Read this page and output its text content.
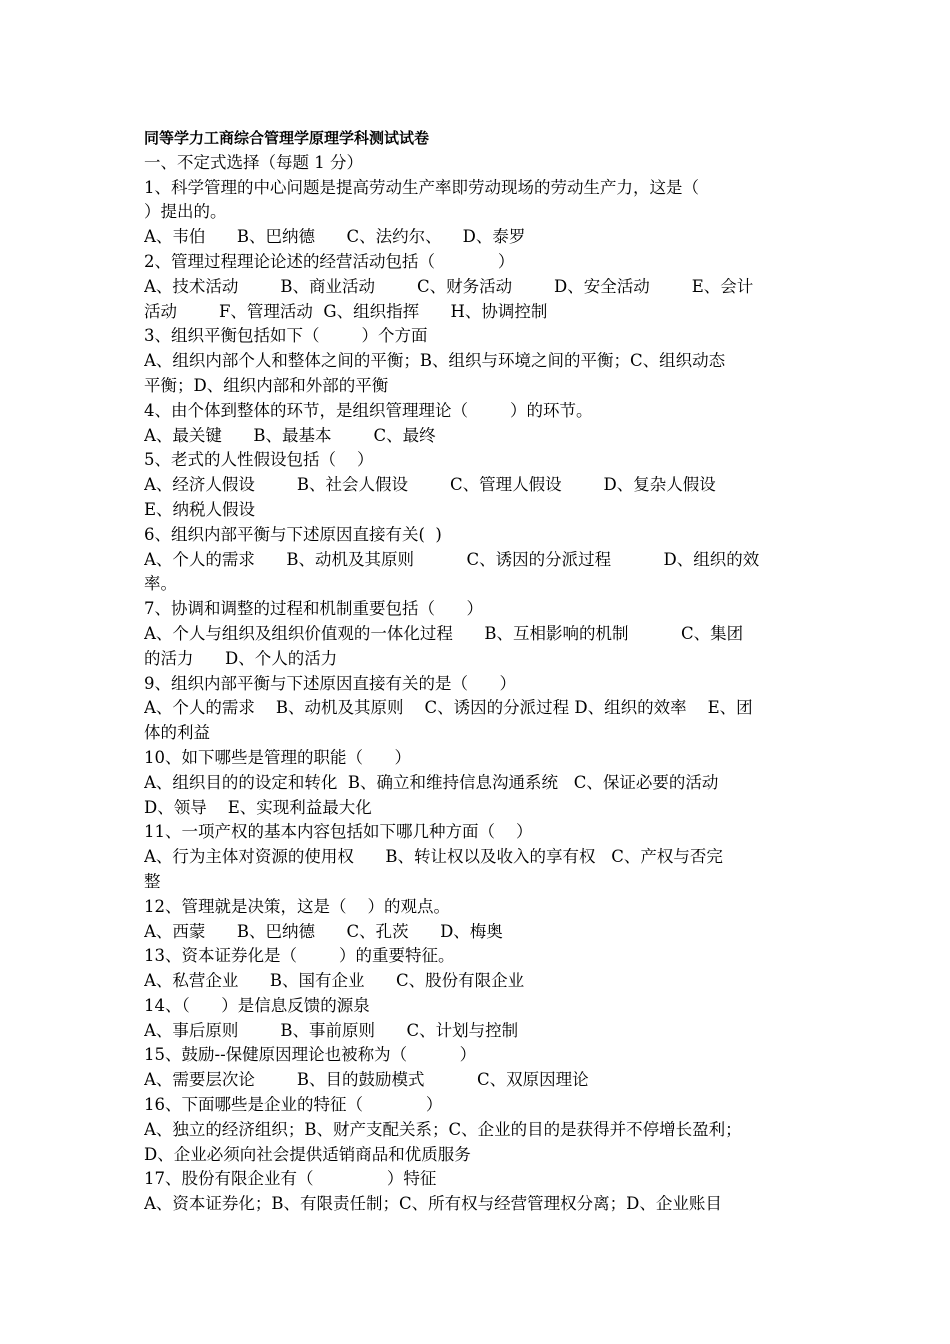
同等学力工商综合管理学原理学科测试试卷
一、不定式选择（每题 1 分）
1、科学管理的中心问题是提高劳动生产率即劳动现场的劳动生产力，这是（
）提出的。
A、韦伯      B、巴纳德      C、法约尔、    D、泰罗
2、管理过程理论论述的经营活动包括（            ）
A、技术活动        B、商业活动        C、财务活动        D、安全活动        E、会计
活动        F、管理活动  G、组织指挥      H、协调控制
3、组织平衡包括如下（        ）个方面
A、组织内部个人和整体之间的平衡；B、组织与环境之间的平衡；C、组织动态
平衡；D、组织内部和外部的平衡
4、由个体到整体的环节，是组织管理理论（        ）的环节。
A、最关键      B、最基本        C、最终
5、老式的人性假设包括（    ）
A、经济人假设        B、社会人假设        C、管理人假设        D、复杂人假设
E、纳税人假设
6、组织内部平衡与下述原因直接有关(  )
A、个人的需求      B、动机及其原则          C、诱因的分派过程          D、组织的效
率。
7、协调和调整的过程和机制重要包括（      ）
A、个人与组织及组织价值观的一体化过程      B、互相影响的机制          C、集团
的活力      D、个人的活力
9、组织内部平衡与下述原因直接有关的是（      ）
A、个人的需求    B、动机及其原则    C、诱因的分派过程 D、组织的效率    E、团
体的利益
10、如下哪些是管理的职能（      ）
A、组织目的的设定和转化  B、确立和维持信息沟通系统   C、保证必要的活动
D、领导    E、实现利益最大化
11、一项产权的基本内容包括如下哪几种方面（    ）
A、行为主体对资源的使用权      B、转让权以及收入的享有权   C、产权与否完
整
12、管理就是决策，这是（    ）的观点。
A、西蒙      B、巴纳德      C、孔茨      D、梅奥
13、资本证券化是（        ）的重要特征。
A、私营企业      B、国有企业      C、股份有限企业
14、（      ）是信息反馈的源泉
A、事后原则        B、事前原则      C、计划与控制
15、鼓励--保健原因理论也被称为（          ）
A、需要层次论        B、目的鼓励模式          C、双原因理论
16、下面哪些是企业的特征（            ）
A、独立的经济组织；B、财产支配关系；C、企业的目的是获得并不停增长盈利；
D、企业必须向社会提供适销商品和优质服务
17、股份有限企业有（              ）特征
A、资本证券化；B、有限责任制；C、所有权与经营管理权分离；D、企业账目
